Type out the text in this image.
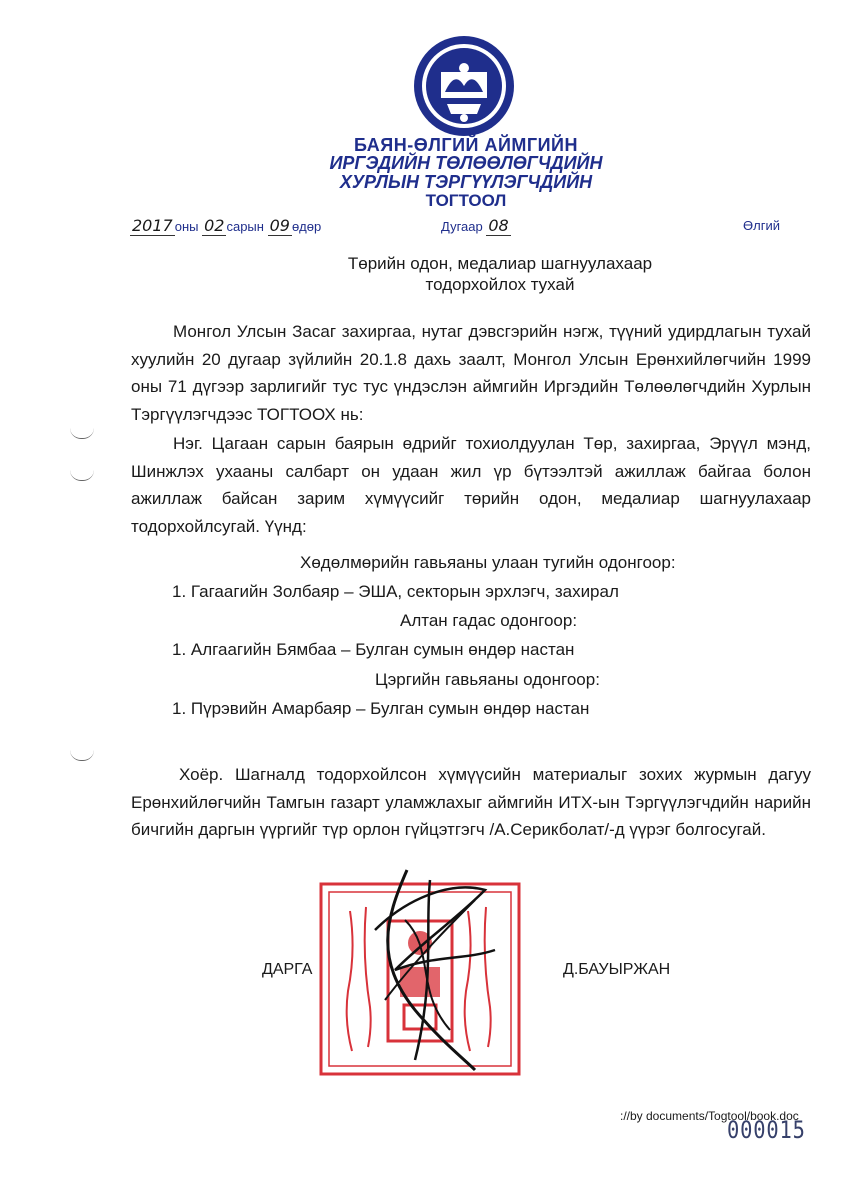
БАЯН-ӨЛГИЙ АЙМГИЙН
ИРГЭДИЙН ТӨЛӨӨЛӨГЧДИЙН
ХУРЛЫН ТЭРГҮҮЛЭГЧДИЙН
ТОГТООЛ
2017 оны 02 сарын 09 өдөр	Дугаар 08	Өлгий
Төрийн одон, медалиар шагнуулахаар
тодорхойлох тухай
Монгол Улсын Засаг захиргаа, нутаг дэвсгэрийн нэгж, түүний удирдлагын тухай хуулийн 20 дугаар зүйлийн 20.1.8 дахь заалт, Монгол Улсын Ерөнхийлөгчийн 1999 оны 71 дүгээр зарлигийг тус тус үндэслэн аймгийн Иргэдийн Төлөөлөгчдийн Хурлын Тэргүүлэгчдээс ТОГТООХ нь:
Нэг. Цагаан сарын баярын өдрийг тохиолдуулан Төр, захиргаа, Эрүүл мэнд, Шинжлэх ухааны салбарт он удаан жил үр бүтээлтэй ажиллаж байгаа болон ажиллаж байсан зарим хүмүүсийг төрийн одон, медалиар шагнуулахаар тодорхойлсугай. Үүнд:
Хөдөлмөрийн гавьяаны улаан тугийн одонгоор:
1. Гагаагийн Золбаяр – ЭША, секторын эрхлэгч, захирал
Алтан гадас одонгоор:
1. Алгаагийн Бямбаа – Булган сумын өндөр настан
Цэргийн гавьяаны одонгоор:
1. Пүрэвийн Амарбаяр – Булган сумын өндөр настан
Хоёр. Шагналд тодорхойлсон хүмүүсийн материалыг зохих журмын дагуу Ерөнхийлөгчийн Тамгын газарт уламжлахыг аймгийн ИТХ-ын Тэргүүлэгчдийн нарийн бичгийн даргын үүргийг түр орлон гүйцэтгэгч /А.Серикболат/-д үүрэг болгосугай.
ДАРГА	Д.БАУЫРЖАН
://by documents/Togtool/book.doc
000015
